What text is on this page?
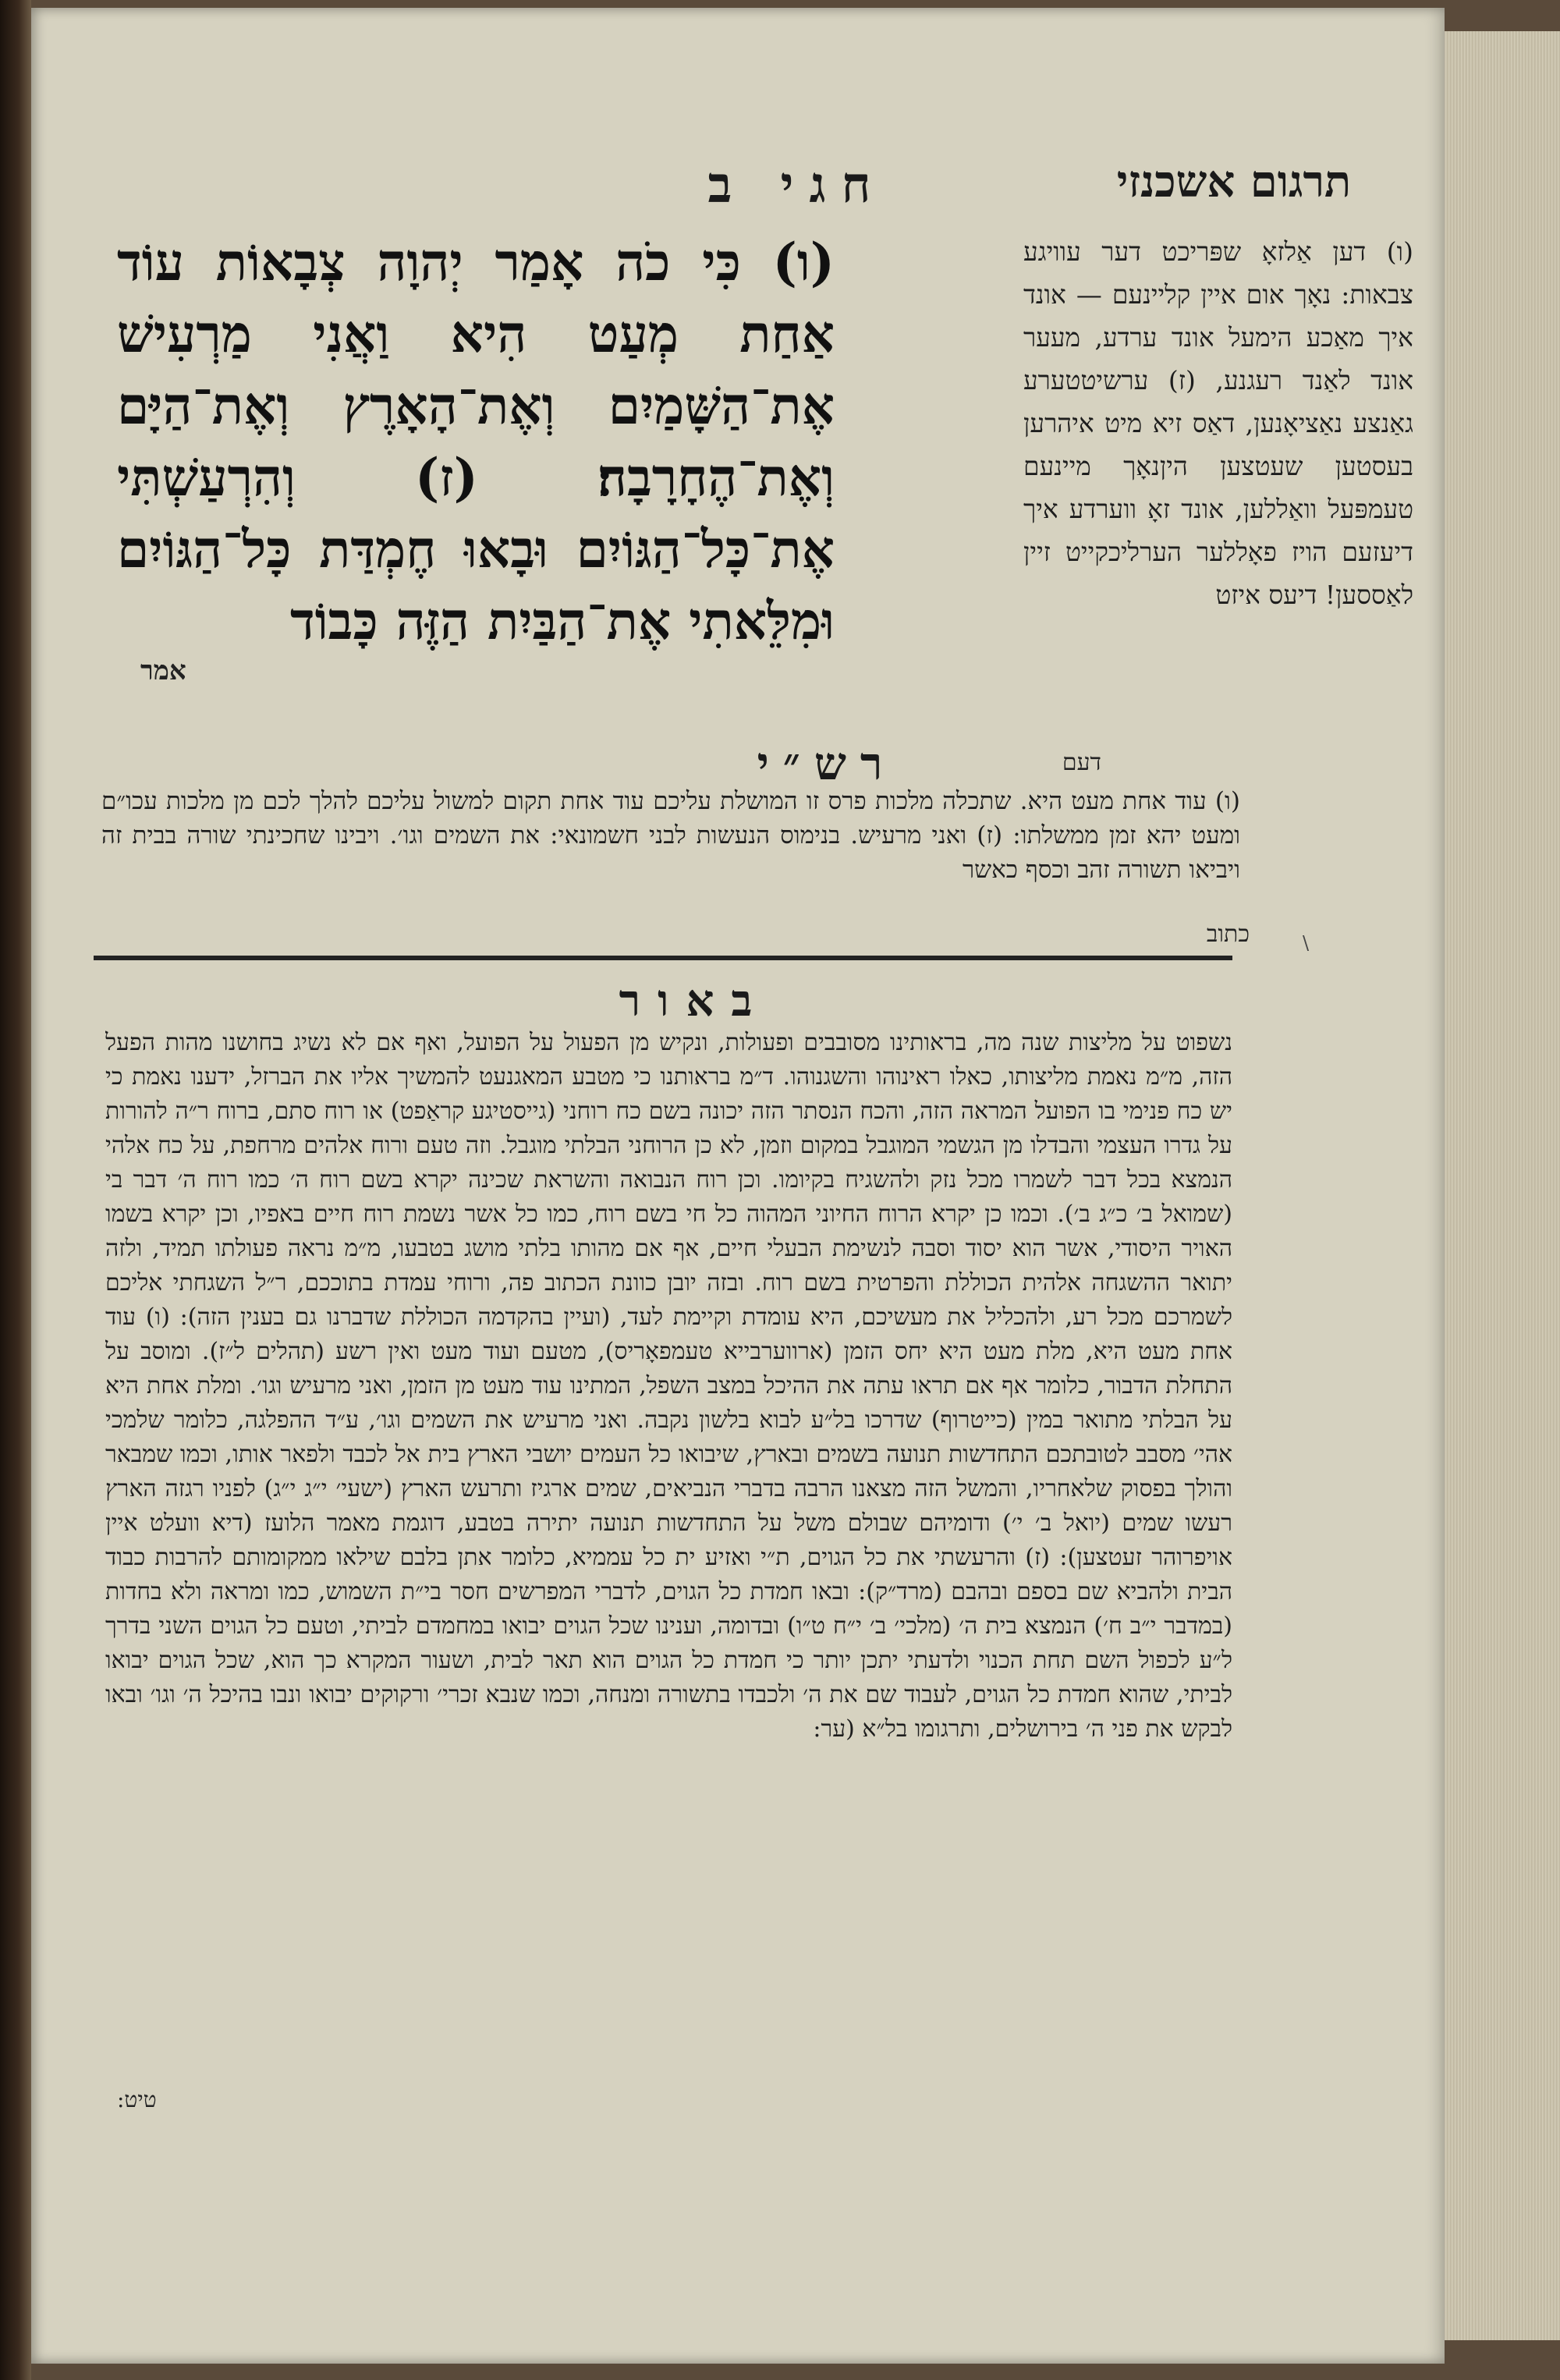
חגי ב	תרגום אשכנזי
(ו) כִּי כֹה אָמַר יְהוָה צְבָאוֹת עוֹד אַחַת מְעַט הִיא וַאֲנִי מַרְעִישׁ אֶת־הַשָּׁמַיִם וְאֶת־הָאָרֶץ וְאֶת־הַיָּם וְאֶת־הֶחָרָבָה׃ (ז) וְהִרְעַשְׁתִּי אֶת־כָּל־הַגּוֹיִם וּבָאוּ חֶמְדַּת כָּל־הַגּוֹיִם וּמִלֵּאתִי אֶת־הַבַּיִת הַזֶּה כָּבוֹד
אמר
(ו) דען אַלזאָ שפּריכט דער עוויגע צבאות: נאָך אום איין קליינעם — אונד איך מאַכע הימעל אונד ערדע, מעער אונד לאַנד רעגנע, (ז) ערשיטטערע גאַנצע נאַציאָנען, דאַס זיא מיט איהרען בעסטען שעטצען היןנאָך מיינעם טעמפּעל וואַללען, אונד זאָ ווערדע איך דיעזעם הויז פאָללער הערליכקייט זיין לאַססען! דיעס איזט
רש״י	דעם
(ו) עוד אחת מעט היא. שתכלה מלכות פרס זו המושלת עליכם עוד אחת תקום למשול עליכם להלך לכם מן מלכות עכו״ם ומעט יהא זמן ממשלתו: (ז) ואני מרעיש. בנימוס הנעשות לבני חשמונאי: את השמים וגו׳. ויבינו שחכינתי שורה בבית זה ויביאו תשורה זהב וכסף כאשר
כתוב
באור
נשפוט על מליצות שנה מה, בראותינו מסובבים ופעולות, ונקיש מן הפעול על הפועל, ואף אם לא נשיג בחושנו מהות הפעל הזה, מ״מ נאמת מליצותו, כאלו ראינוהו והשגנוהו. ד״מ בראותנו כי מטבע המאגנעט להמשיך אליו את הברזל, ידענו נאמת כי יש כח פנימי בו הפועל המראה הזה, והכח הנסתר הזה יכונה בשם כח רוחני (גייסטיגע קראַפט) או רוח סתם, ברוח ר״ה להורות על גדרו העצמי והבדלו מן הגשמי המוגבל במקום וזמן, לא כן הרוחני הבלתי מוגבל. וזה טעם ורוח אלהים מרחפת, על כח אלהי הנמצא בכל דבר לשמרו מכל נזק ולהשגיח בקיומו. וכן רוח הנבואה והשראת שכינה יקרא בשם רוח ה׳ כמו רוח ה׳ דבר בי (שמואל ב׳ כ״ג ב׳). וכמו כן יקרא הרוח החיוני המהוה כל חי בשם רוח, כמו כל אשר נשמת רוח חיים באפיו, וכן יקרא בשמו האויר היסודי, אשר הוא יסוד וסבה לנשימת הבעלי חיים, אף אם מהותו בלתי מושג בטבעו, מ״מ נראה פעולתו תמיד, ולזה יתואר ההשגחה אלהית הכוללת והפרטית בשם רוח. ובזה יובן כוונת הכתוב פה, ורוחי עמדת בתוככם, ר״ל השגחתי אליכם לשמרכם מכל רע, ולהכליל את מעשיכם, היא עומדת וקיימת לעד, (ועיין בהקדמה הכוללת שדברנו גם בענין הזה): (ו) עוד אחת מעט היא, מלת מעט היא יחס הזמן (ארווערבייא טעמפאָריס), מטעם ועוד מעט ואין רשע (תהלים ל״ז). ומוסב על התחלת הדבור, כלומר אף אם תראו עתה את ההיכל במצב השפל, המתינו עוד מעט מן הזמן, ואני מרעיש וגו׳. ומלת אחת היא על הבלתי מתואר במין (כייטרוף) שדרכו בל״ע לבוא בלשון נקבה. ואני מרעיש את השמים וגו׳, ע״ד ההפלגה, כלומר שלמכי אהי׳ מסבב לטובתכם התחדשות תנועה בשמים ובארץ, שיבואו כל העמים יושבי הארץ בית אל לכבד ולפאר אותו, וכמו שמבאר והולך בפסוק שלאחריו, והמשל הזה מצאנו הרבה בדברי הנביאים, שמים ארגיז ותרעש הארץ (ישעי׳ י״ג י״ג) לפניו רגזה הארץ רעשו שמים (יואל ב׳ י׳) ודומיהם שבולם משל על התחדשות תנועה יתירה בטבע, דוגמת מאמר הלועז (דיא וועלט איין אויפרוהר זעטצען): (ז) והרעשתי את כל הגוים, ת״י ואזיע ית כל עממיא, כלומר אתן בלבם שילאו ממקומותם להרבות כבוד הבית ולהביא שם בספם ובהבם (מרד״ק): ובאו חמדת כל הגוים, לדברי המפרשים חסר בי״ת השמוש, כמו ומראה ולא בחדות (במדבר י״ב ח׳) הנמצא בית ה׳ (מלכי׳ ב׳ י״ח ט״ו) ובדומה, וענינו שכל הגוים יבואו במחמדם לביתי, וטעם כל הגוים השני בדרך ל״ע לכפול השם תחת הכנוי ולדעתי יתכן יותר כי חמדת כל הגוים הוא תאר לבית, ושעור המקרא כך הוא, שכל הגוים יבואו לביתי, שהוא חמדת כל הגוים, לעבוד שם את ה׳ ולכבדו בתשורה ומנחה, וכמו שנבא זכרי׳ ורקוקים יבואו ונבו בהיכל ה׳ וגו׳ ובאו לבקש את פני ה׳ בירושלים, ותרגומו בל״א (ער:
טיט:
\
